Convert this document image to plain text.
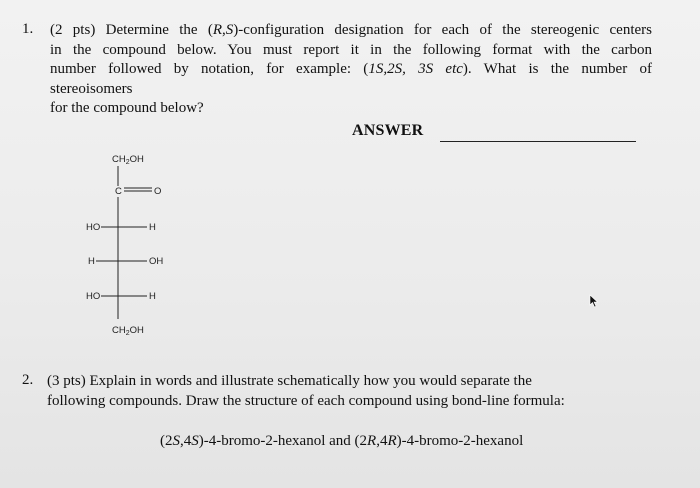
1. (2 pts) Determine the (R,S)-configuration designation for each of the stereogenic centers
in the compound below. You must report it in the following format with the carbon
number followed by notation, for example: (1S,2S, 3S etc). What is the number of
stereoisomers
for the compound below?
ANSWER
$CH_2OH$
C	O
HO	H
H	OH
HO	H
$CH_2OH$
2. (3 pts) Explain in words and illustrate schematically how you would separate the
following compounds. Draw the structure of each compound using bond-line formula:
(2S,4S)-4-bromo-2-hexanol and (2R,4R)-4-bromo-2-hexanol
